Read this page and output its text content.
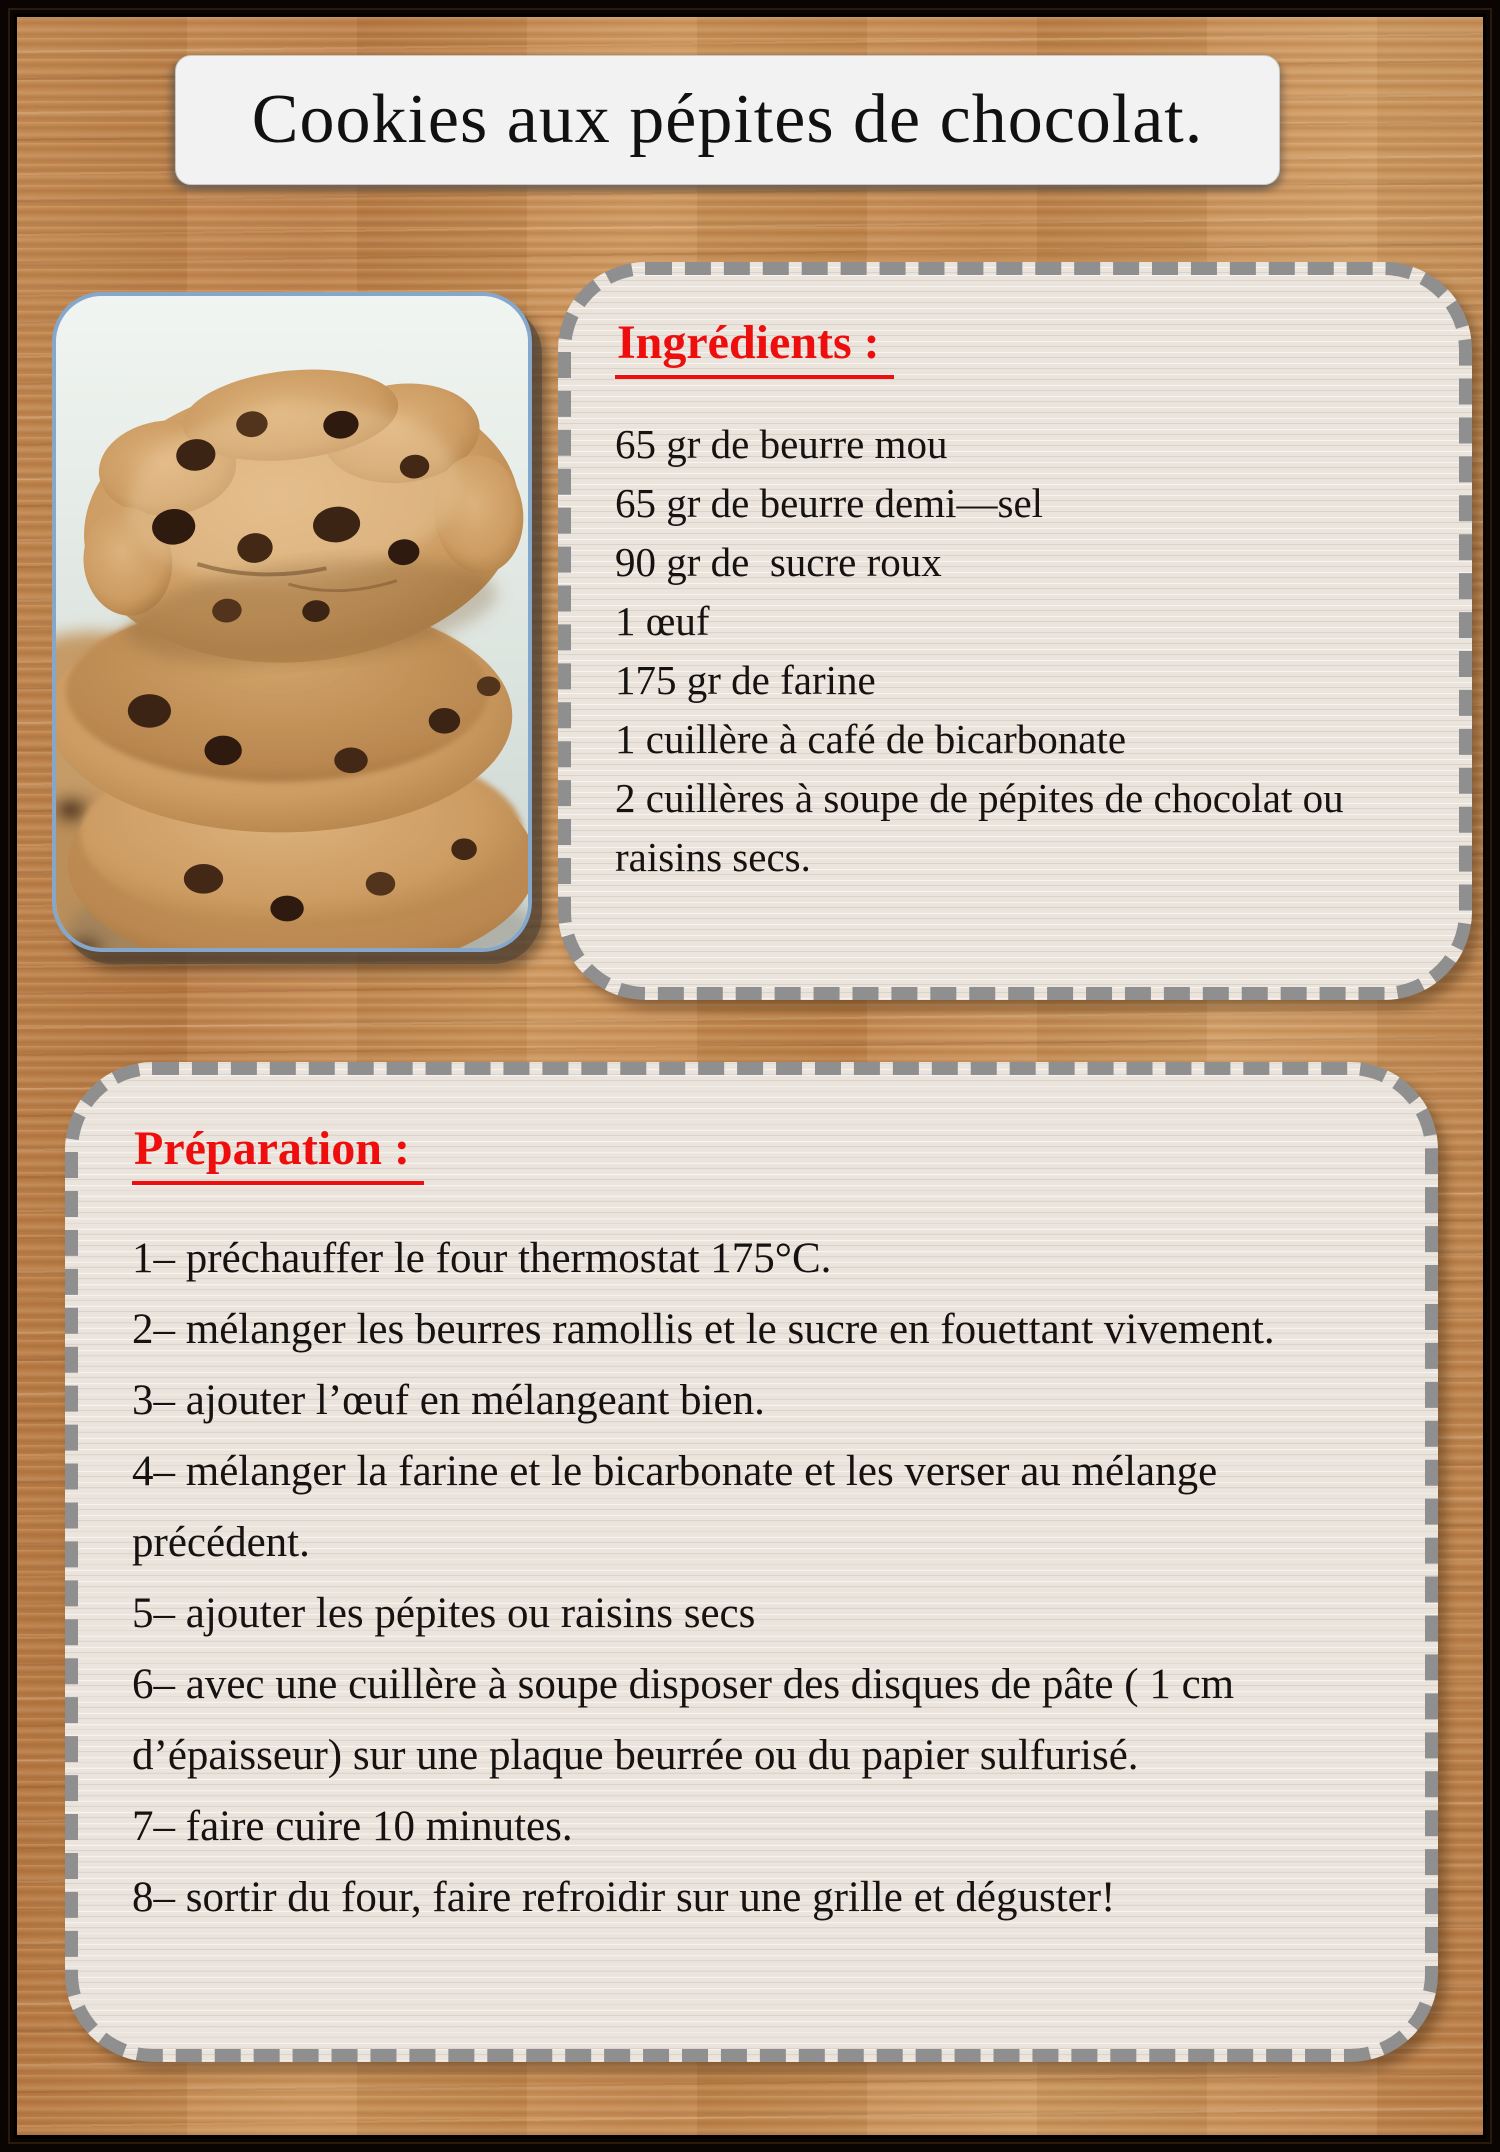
Cookies aux pépites de chocolat.
Ingrédients :
65 gr de beurre mou
65 gr de beurre demi—sel
90 gr de  sucre roux
1 œuf
175 gr de farine
1 cuillère à café de bicarbonate
2 cuillères à soupe de pépites de chocolat ou raisins secs.
Préparation :
1– préchauffer le four thermostat 175°C.
2– mélanger les beurres ramollis et le sucre en fouettant vivement.
3– ajouter l’œuf en mélangeant bien.
4– mélanger la farine et le bicarbonate et les verser au mélange précédent.
5– ajouter les pépites ou raisins secs
6– avec une cuillère à soupe disposer des disques de pâte ( 1 cm d’épaisseur) sur une plaque beurrée ou du papier sulfurisé.
7– faire cuire 10 minutes.
8– sortir du four, faire refroidir sur une grille et déguster!
